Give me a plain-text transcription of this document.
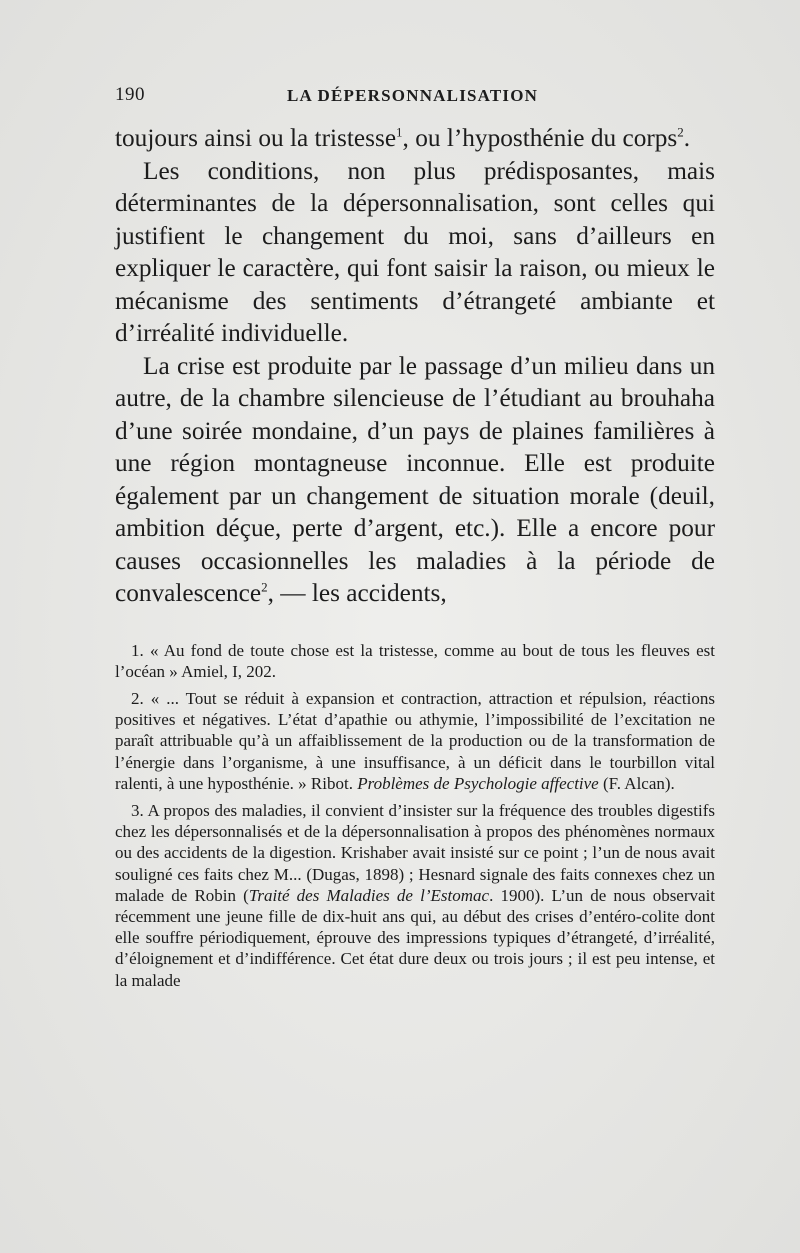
190	LA DÉPERSONNALISATION

toujours ainsi ou la tristesse$^1$, ou l’hyposthénie du corps$^2$.

Les conditions, non plus prédisposantes, mais déterminantes de la dépersonnalisation, sont celles qui justifient le changement du moi, sans d’ailleurs en expliquer le caractère, qui font saisir la raison, ou mieux le mécanisme des sentiments d’étrangeté ambiante et d’irréalité individuelle.

La crise est produite par le passage d’un milieu dans un autre, de la chambre silencieuse de l’étudiant au brouhaha d’une soirée mondaine, d’un pays de plaines familières à une région montagneuse inconnue. Elle est produite également par un changement de situation morale (deuil, ambition déçue, perte d’argent, etc.). Elle a encore pour causes occasionnelles les maladies à la période de convalescence$^2$, — les accidents,

1. « Au fond de toute chose est la tristesse, comme au bout de tous les fleuves est l’océan » Amiel, I, 202.

2. « ... Tout se réduit à expansion et contraction, attraction et répulsion, réactions positives et négatives. L’état d’apathie ou athymie, l’impossibilité de l’excitation ne paraît attribuable qu’à un affaiblissement de la production ou de la transformation de l’énergie dans l’organisme, à une insuffisance, à un déficit dans le tourbillon vital ralenti, à une hyposthénie. » Ribot. Problèmes de Psychologie affective (F. Alcan).

3. A propos des maladies, il convient d’insister sur la fréquence des troubles digestifs chez les dépersonnalisés et de la dépersonnalisation à propos des phénomènes normaux ou des accidents de la digestion. Krishaber avait insisté sur ce point ; l’un de nous avait souligné ces faits chez M... (Dugas, 1898) ; Hesnard signale des faits connexes chez un malade de Robin (Traité des Maladies de l’Estomac. 1900). L’un de nous observait récemment une jeune fille de dix-huit ans qui, au début des crises d’entéro-colite dont elle souffre périodiquement, éprouve des impressions typiques d’étrangeté, d’irréalité, d’éloignement et d’indifférence. Cet état dure deux ou trois jours ; il est peu intense, et la malade
